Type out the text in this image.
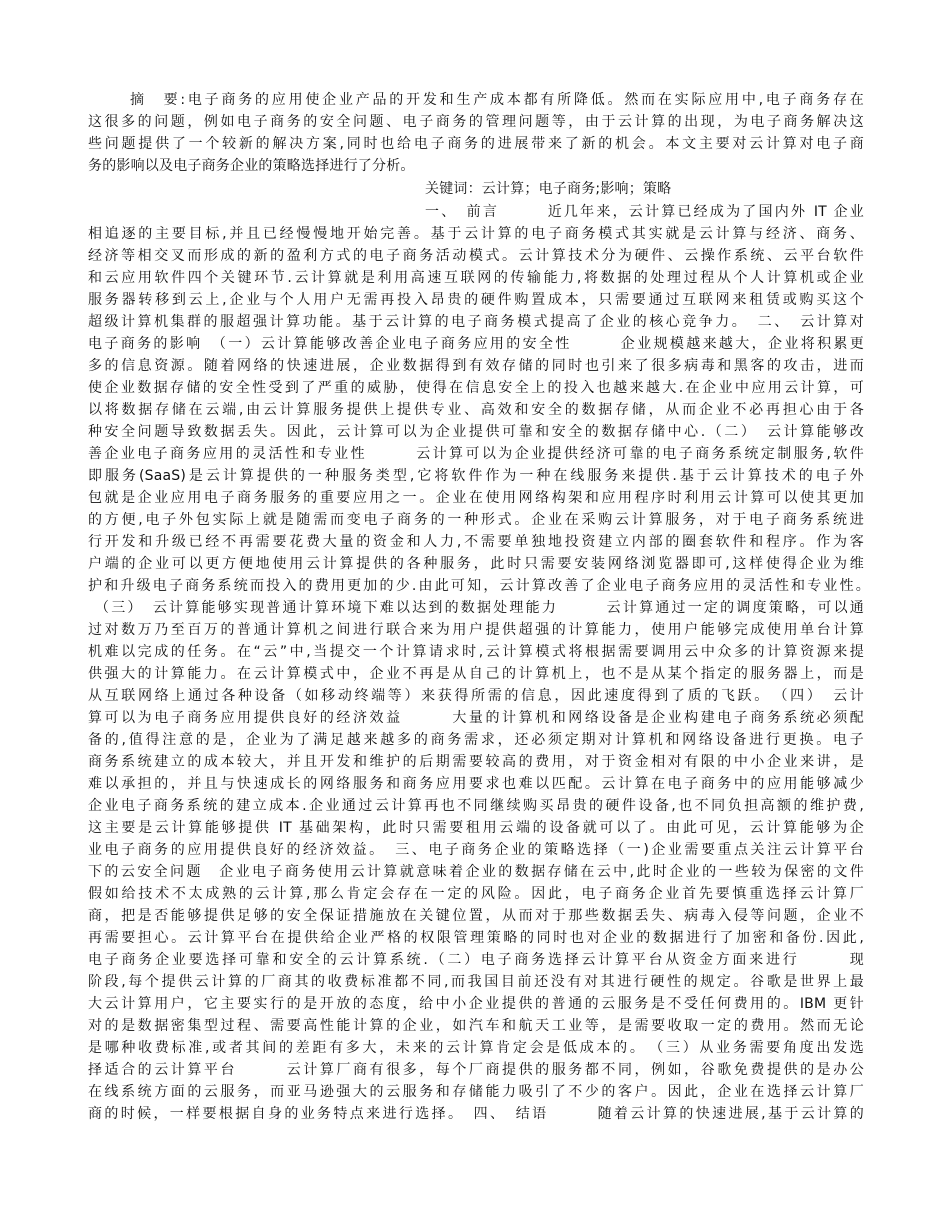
摘　要:电子商务的应用使企业产品的开发和生产成本都有所降低。然而在实际应用中,电子商务存在

这很多的问题，例如电子商务的安全问题、电子商务的管理问题等，由于云计算的出现，为电子商务解决这

些问题提供了一个较新的解决方案,同时也给电子商务的进展带来了新的机会。本文主要对云计算对电子商

务的影响以及电子商务企业的策略选择进行了分析。

关键词：云计算；电子商务;影响；策略

一、　前言　　　近几年来，云计算已经成为了国内外 IT 企业

相追逐的主要目标,并且已经慢慢地开始完善。基于云计算的电子商务模式其实就是云计算与经济、商务、

经济等相交叉而形成的新的盈利方式的电子商务活动模式。云计算技术分为硬件、云操作系统、云平台软件

和云应用软件四个关键环节.云计算就是利用高速互联网的传输能力,将数据的处理过程从个人计算机或企业

服务器转移到云上,企业与个人用户无需再投入昂贵的硬件购置成本，只需要通过互联网来租赁或购买这个

超级计算机集群的服超强计算功能。基于云计算的电子商务模式提高了企业的核心竞争力。　二、　云计算对

电子商务的影响　（一）云计算能够改善企业电子商务应用的安全性　　　企业规模越来越大，企业将积累更

多的信息资源。随着网络的快速进展，企业数据得到有效存储的同时也引来了很多病毒和黑客的攻击，进而

使企业数据存储的安全性受到了严重的威胁，使得在信息安全上的投入也越来越大.在企业中应用云计算，可

以将数据存储在云端,由云计算服务提供上提供专业、高效和安全的数据存储，从而企业不必再担心由于各

种安全问题导致数据丢失。因此，云计算可以为企业提供可靠和安全的数据存储中心.（二）　云计算能够改

善企业电子商务应用的灵活性和专业性　　　云计算可以为企业提供经济可靠的电子商务系统定制服务,软件

即服务(SaaS)是云计算提供的一种服务类型,它将软件作为一种在线服务来提供.基于云计算技术的电子外

包就是企业应用电子商务服务的重要应用之一。企业在使用网络构架和应用程序时利用云计算可以使其更加

的方便,电子外包实际上就是随需而变电子商务的一种形式。企业在采购云计算服务，对于电子商务系统进

行开发和升级已经不再需要花费大量的资金和人力,不需要单独地投资建立内部的圈套软件和程序。作为客

户端的企业可以更方便地使用云计算提供的各种服务，此时只需要安装网络浏览器即可,这样使得企业为维

护和升级电子商务系统而投入的费用更加的少.由此可知，云计算改善了企业电子商务应用的灵活性和专业性。

（三）　云计算能够实现普通计算环境下难以达到的数据处理能力　　　云计算通过一定的调度策略，可以通

过对数万乃至百万的普通计算机之间进行联合来为用户提供超强的计算能力，使用户能够完成使用单台计算

机难以完成的任务。在“云”中,当提交一个计算请求时,云计算模式将根据需要调用云中众多的计算资源来提

供强大的计算能力。在云计算模式中，企业不再是从自己的计算机上，也不是从某个指定的服务器上，而是

从互联网络上通过各种设备（如移动终端等）来获得所需的信息，因此速度得到了质的飞跃。　（四）　云计

算可以为电子商务应用提供良好的经济效益　　　大量的计算机和网络设备是企业构建电子商务系统必须配

备的,值得注意的是，企业为了满足越来越多的商务需求，还必须定期对计算机和网络设备进行更换。电子

商务系统建立的成本较大，并且开发和维护的后期需要较高的费用，对于资金相对有限的中小企业来讲，是

难以承担的，并且与快速成长的网络服务和商务应用要求也难以匹配。云计算在电子商务中的应用能够减少

企业电子商务系统的建立成本.企业通过云计算再也不同继续购买昂贵的硬件设备,也不同负担高额的维护费,

这主要是云计算能够提供 IT 基础架构，此时只需要租用云端的设备就可以了。由此可见，云计算能够为企

业电子商务的应用提供良好的经济效益。　三、电子商务企业的策略选择（一)企业需要重点关注云计算平台

下的云安全问题　企业电子商务使用云计算就意味着企业的数据存储在云中,此时企业的一些较为保密的文件

假如给技术不太成熟的云计算,那么肯定会存在一定的风险。因此，电子商务企业首先要慎重选择云计算厂

商，把是否能够提供足够的安全保证措施放在关键位置，从而对于那些数据丢失、病毒入侵等问题，企业不

再需要担心。云计算平台在提供给企业严格的权限管理策略的同时也对企业的数据进行了加密和备份.因此,

电子商务企业要选择可靠和安全的云计算系统.（二）电子商务选择云计算平台从资金方面来进行　　　现

阶段,每个提供云计算的厂商其的收费标准都不同,而我国目前还没有对其进行硬性的规定。谷歌是世界上最

大云计算用户，它主要实行的是开放的态度，给中小企业提供的普通的云服务是不受任何费用的。IBM 更针

对的是数据密集型过程、需要高性能计算的企业，如汽车和航天工业等，是需要收取一定的费用。然而无论

是哪种收费标准,或者其间的差距有多大，未来的云计算肯定会是低成本的。　（三）从业务需要角度出发选

择适合的云计算平台　　　云计算厂商有很多，每个厂商提供的服务都不同，例如，谷歌免费提供的是办公

在线系统方面的云服务，而亚马逊强大的云服务和存储能力吸引了不少的客户。因此，企业在选择云计算厂

商的时候，一样要根据自身的业务特点来进行选择。　四、　结语　　　随着云计算的快速进展,基于云计算的
